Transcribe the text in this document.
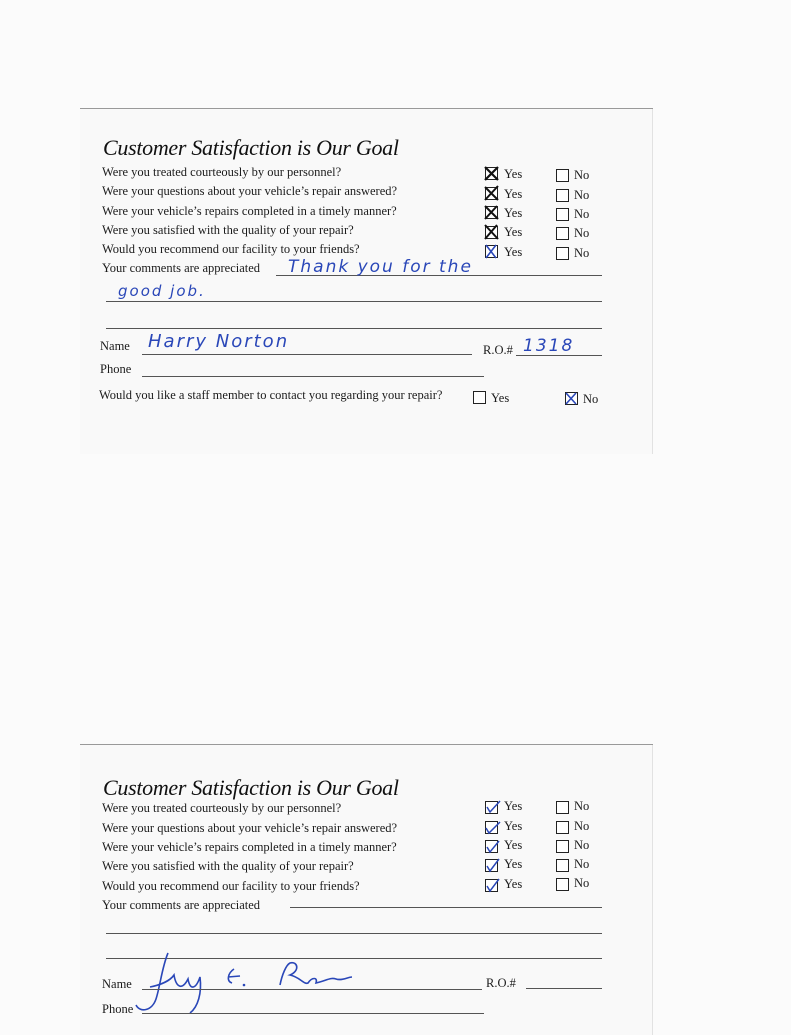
Customer Satisfaction is Our Goal
Were you treated courteously by our personnel?	Yes	No
Were your questions about your vehicle’s repair answered?	Yes	No
Were your vehicle’s repairs completed in a timely manner?	Yes	No
Were you satisfied with the quality of your repair?	Yes	No
Would you recommend our facility to your friends?	Yes	No
Your comments are appreciated Thank you for the
good job.
Name Harry Norton	R.O.# 1318
Phone
Would you like a staff member to contact you regarding your repair?	Yes	No
Customer Satisfaction is Our Goal
Were you treated courteously by our personnel?	Yes	No
Were your questions about your vehicle’s repair answered?	Yes	No
Were your vehicle’s repairs completed in a timely manner?	Yes	No
Were you satisfied with the quality of your repair?	Yes	No
Would you recommend our facility to your friends?	Yes	No
Your comments are appreciated
Name	R.O.#
Phone
